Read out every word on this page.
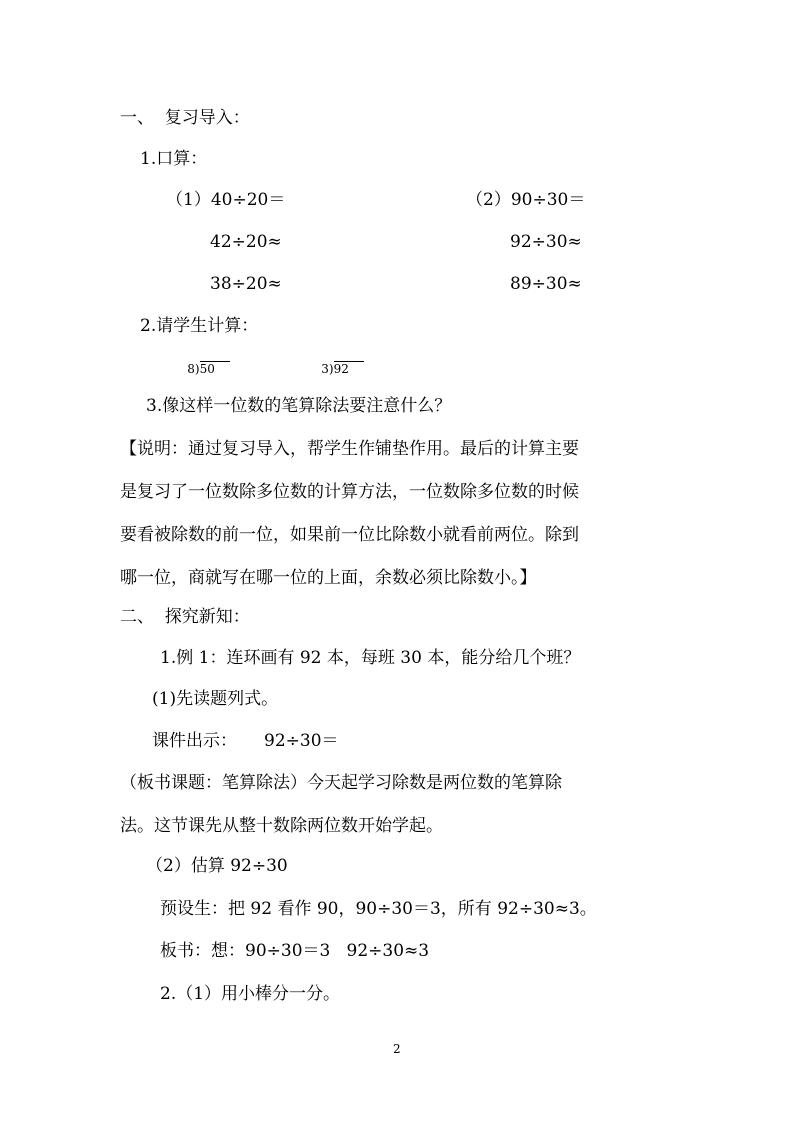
一、  复习导入：
1.口算：
（1）40÷20＝	（2）90÷30＝
42÷20≈	92÷30≈
38÷20≈	89÷30≈
2.请学生计算：

8)50
	3)92

3.像这样一位数的笔算除法要注意什么？
【说明：通过复习导入，帮学生作铺垫作用。最后的计算主要
是复习了一位数除多位数的计算方法，一位数除多位数的时候
要看被除数的前一位，如果前一位比除数小就看前两位。除到
哪一位，商就写在哪一位的上面，余数必须比除数小。】
二、  探究新知：
1.例 1：连环画有 92 本，每班 30 本，能分给几个班？
(1)先读题列式。
课件出示：     92÷30＝
（板书课题：笔算除法）今天起学习除数是两位数的笔算除
法。这节课先从整十数除两位数开始学起。
（2）估算 92÷30
预设生：把 92 看作 90，90÷30＝3，所有 92÷30≈3。
板书：想：90÷30＝3   92÷30≈3
2.（1）用小棒分一分。
2
